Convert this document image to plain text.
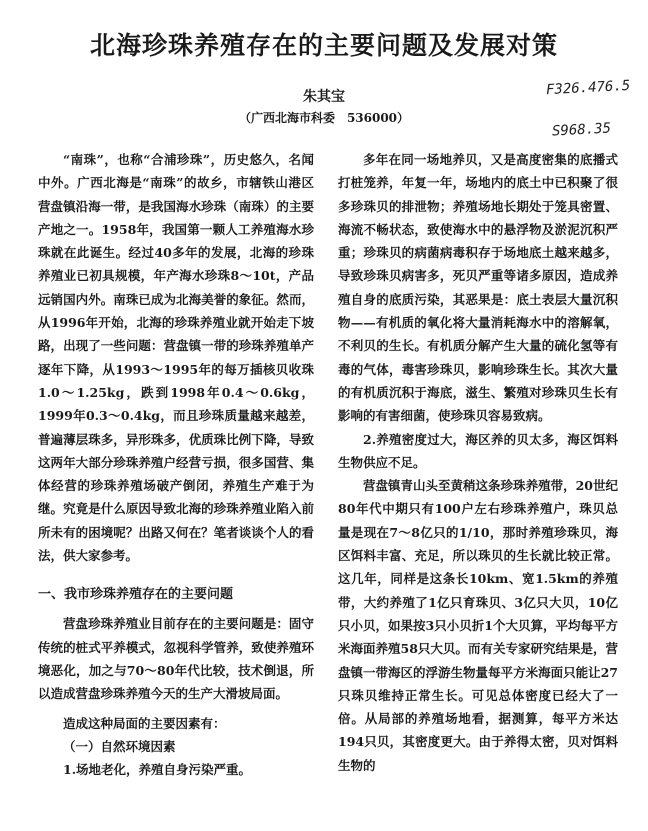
北海珍珠养殖存在的主要问题及发展对策
朱其宝
（广西北海市科委　536000）
F326.476.5
S968.35

“南珠”，也称“合浦珍珠”，历史悠久，名闻中外。广西北海是“南珠”的故乡，市辖铁山港区营盘镇沿海一带，是我国海水珍珠（南珠）的主要产地之一。1958年，我国第一颗人工养殖海水珍珠就在此诞生。经过40多年的发展，北海的珍珠养殖业已初具规模，年产海水珍珠8～10t，产品远销国内外。南珠已成为北海美誉的象征。然而，从1996年开始，北海的珍珠养殖业就开始走下坡路，出现了一些问题：营盘镇一带的珍珠养殖单产逐年下降，从1993～1995年的每万插核贝收珠1.0～1.25kg，跌到1998年0.4～0.6kg，1999年0.3～0.4kg，而且珍珠质量越来越差，普遍薄层珠多，异形珠多，优质珠比例下降，导致这两年大部分珍珠养殖户经营亏损，很多国营、集体经营的珍珠养殖场破产倒闭，养殖生产难于为继。究竟是什么原因导致北海的珍珠养殖业陷入前所未有的困境呢？出路又何在？笔者谈谈个人的看法，供大家参考。

一、我市珍珠养殖存在的主要问题

营盘珍珠养殖业目前存在的主要问题是：固守传统的桩式平养模式，忽视科学管养，致使养殖环境恶化，加之与70～80年代比较，技术倒退，所以造成营盘珍珠养殖今天的生产大滑坡局面。

造成这种局面的主要因素有：

（一）自然环境因素

1.场地老化，养殖自身污染严重。

多年在同一场地养贝，又是高度密集的底播式打桩笼养，年复一年，场地内的底土中已积聚了很多珍珠贝的排泄物；养殖场地长期处于笼具密置、海流不畅状态，致使海水中的悬浮物及淤泥沉积严重；珍珠贝的病菌病毒积存于场地底土越来越多，导致珍珠贝病害多，死贝严重等诸多原因，造成养殖自身的底质污染，其恶果是：底土表层大量沉积物——有机质的氧化将大量消耗海水中的溶解氧，不利贝的生长。有机质分解产生大量的硫化氢等有毒的气体，毒害珍珠贝，影响珍珠生长。其次大量的有机质沉积于海底，滋生、繁殖对珍珠贝生长有影响的有害细菌，使珍珠贝容易致病。

2.养殖密度过大，海区养的贝太多，海区饵料生物供应不足。

营盘镇青山头至黄稍这条珍珠养殖带，20世纪80年代中期只有100户左右珍珠养殖户，珠贝总量是现在7～8亿只的1/10，那时养殖珍珠贝，海区饵料丰富、充足，所以珠贝的生长就比较正常。这几年，同样是这条长10km、宽1.5km的养殖带，大约养殖了1亿只育珠贝、3亿只大贝，10亿只小贝，如果按3只小贝折1个大贝算，平均每平方米海面养殖58只大贝。而有关专家研究结果是，营盘镇一带海区的浮游生物量每平方米海面只能让27只珠贝维持正常生长。可见总体密度已经大了一倍。从局部的养殖场地看，据测算，每平方米达194只贝，其密度更大。由于养得太密，贝对饵料生物的
